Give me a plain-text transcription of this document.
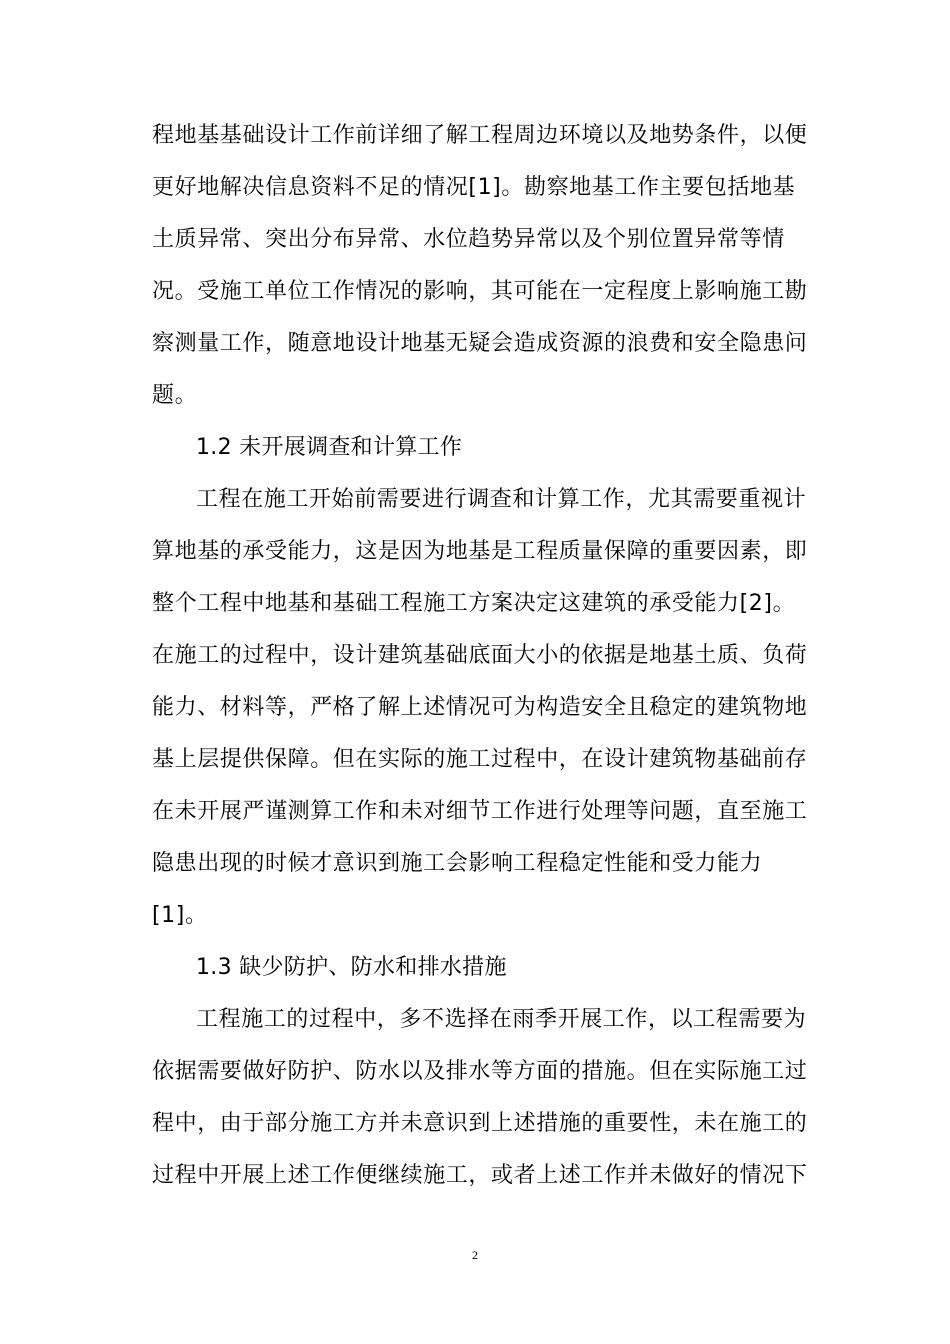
程地基基础设计工作前详细了解工程周边环境以及地势条件，以便
更好地解决信息资料不足的情况[1]。勘察地基工作主要包括地基
土质异常、突出分布异常、水位趋势异常以及个别位置异常等情
况。受施工单位工作情况的影响，其可能在一定程度上影响施工勘
察测量工作，随意地设计地基无疑会造成资源的浪费和安全隐患问
题。
1.2 未开展调查和计算工作
工程在施工开始前需要进行调查和计算工作，尤其需要重视计
算地基的承受能力，这是因为地基是工程质量保障的重要因素，即
整个工程中地基和基础工程施工方案决定这建筑的承受能力[2]。
在施工的过程中，设计建筑基础底面大小的依据是地基土质、负荷
能力、材料等，严格了解上述情况可为构造安全且稳定的建筑物地
基上层提供保障。但在实际的施工过程中，在设计建筑物基础前存
在未开展严谨测算工作和未对细节工作进行处理等问题，直至施工
隐患出现的时候才意识到施工会影响工程稳定性能和受力能力
[1]。
1.3 缺少防护、防水和排水措施
工程施工的过程中，多不选择在雨季开展工作，以工程需要为
依据需要做好防护、防水以及排水等方面的措施。但在实际施工过
程中，由于部分施工方并未意识到上述措施的重要性，未在施工的
过程中开展上述工作便继续施工，或者上述工作并未做好的情况下
2
